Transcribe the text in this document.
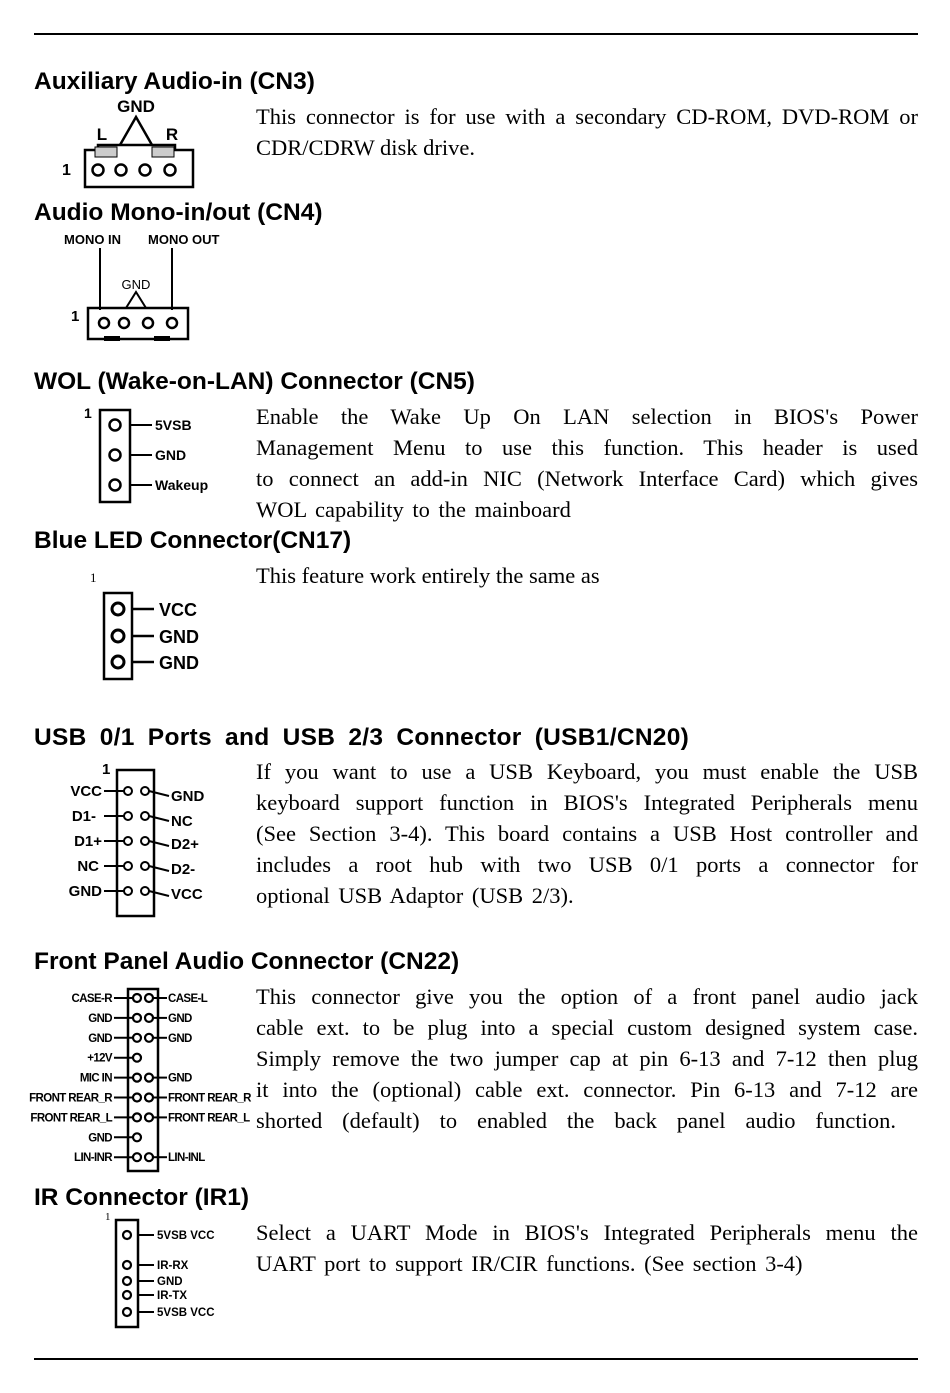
Auxiliary Audio-in (CN3)
GND
L	R
1

This connector is for use with a secondary CD-ROM, DVD-ROM or CDR/CDRW disk drive.

Audio Mono-in/out (CN4)
MONO IN MONO OUT
GND
1
WOL (Wake-on-LAN) Connector (CN5)
1
5VSB
GND
Wakeup

Enable the Wake Up On LAN selection in BIOS's Power
Management Menu to use this function. This header is used
to connect an add-in NIC (Network Interface Card) which gives
WOL capability to the mainboard

Blue LED Connector(CN17)
1
VCC
GND
GND

This feature work entirely the same as

USB 0/1 Ports and USB 2/3 Connector (USB1/CN20)
1
VCC
D1-
D1+
NC
GND
GND
NC
D2+
D2-
VCC

If you want to use a USB Keyboard, you must enable the USB
keyboard support function in BIOS's Integrated Peripherals menu
(See Section 3-4). This board contains a USB Host controller and
includes a root hub with two USB 0/1 ports a connector for
optional USB Adaptor (USB 2/3).

Front Panel Audio Connector (CN22)
CASE-R	CASE-L
GND	GND
GND	GND
+12V
MIC IN	GND
FRONT REAR_R	FRONT REAR_R
FRONT REAR_L	FRONT REAR_L
GND
LIN-INR	LIN-INL

This connector give you the option of a front panel audio jack
cable ext. to be plug into a special custom designed system case.
Simply remove the two jumper cap at pin 6-13 and 7-12 then plug
it into the (optional) cable ext. connector. Pin 6-13 and 7-12 are
shorted (default) to enabled the back panel audio function.

IR Connector (IR1)
1
5VSB VCC
IR-RX
GND
IR-TX
5VSB VCC

Select a UART Mode in BIOS's Integrated Peripherals menu the
UART port to support IR/CIR functions. (See section 3-4)
